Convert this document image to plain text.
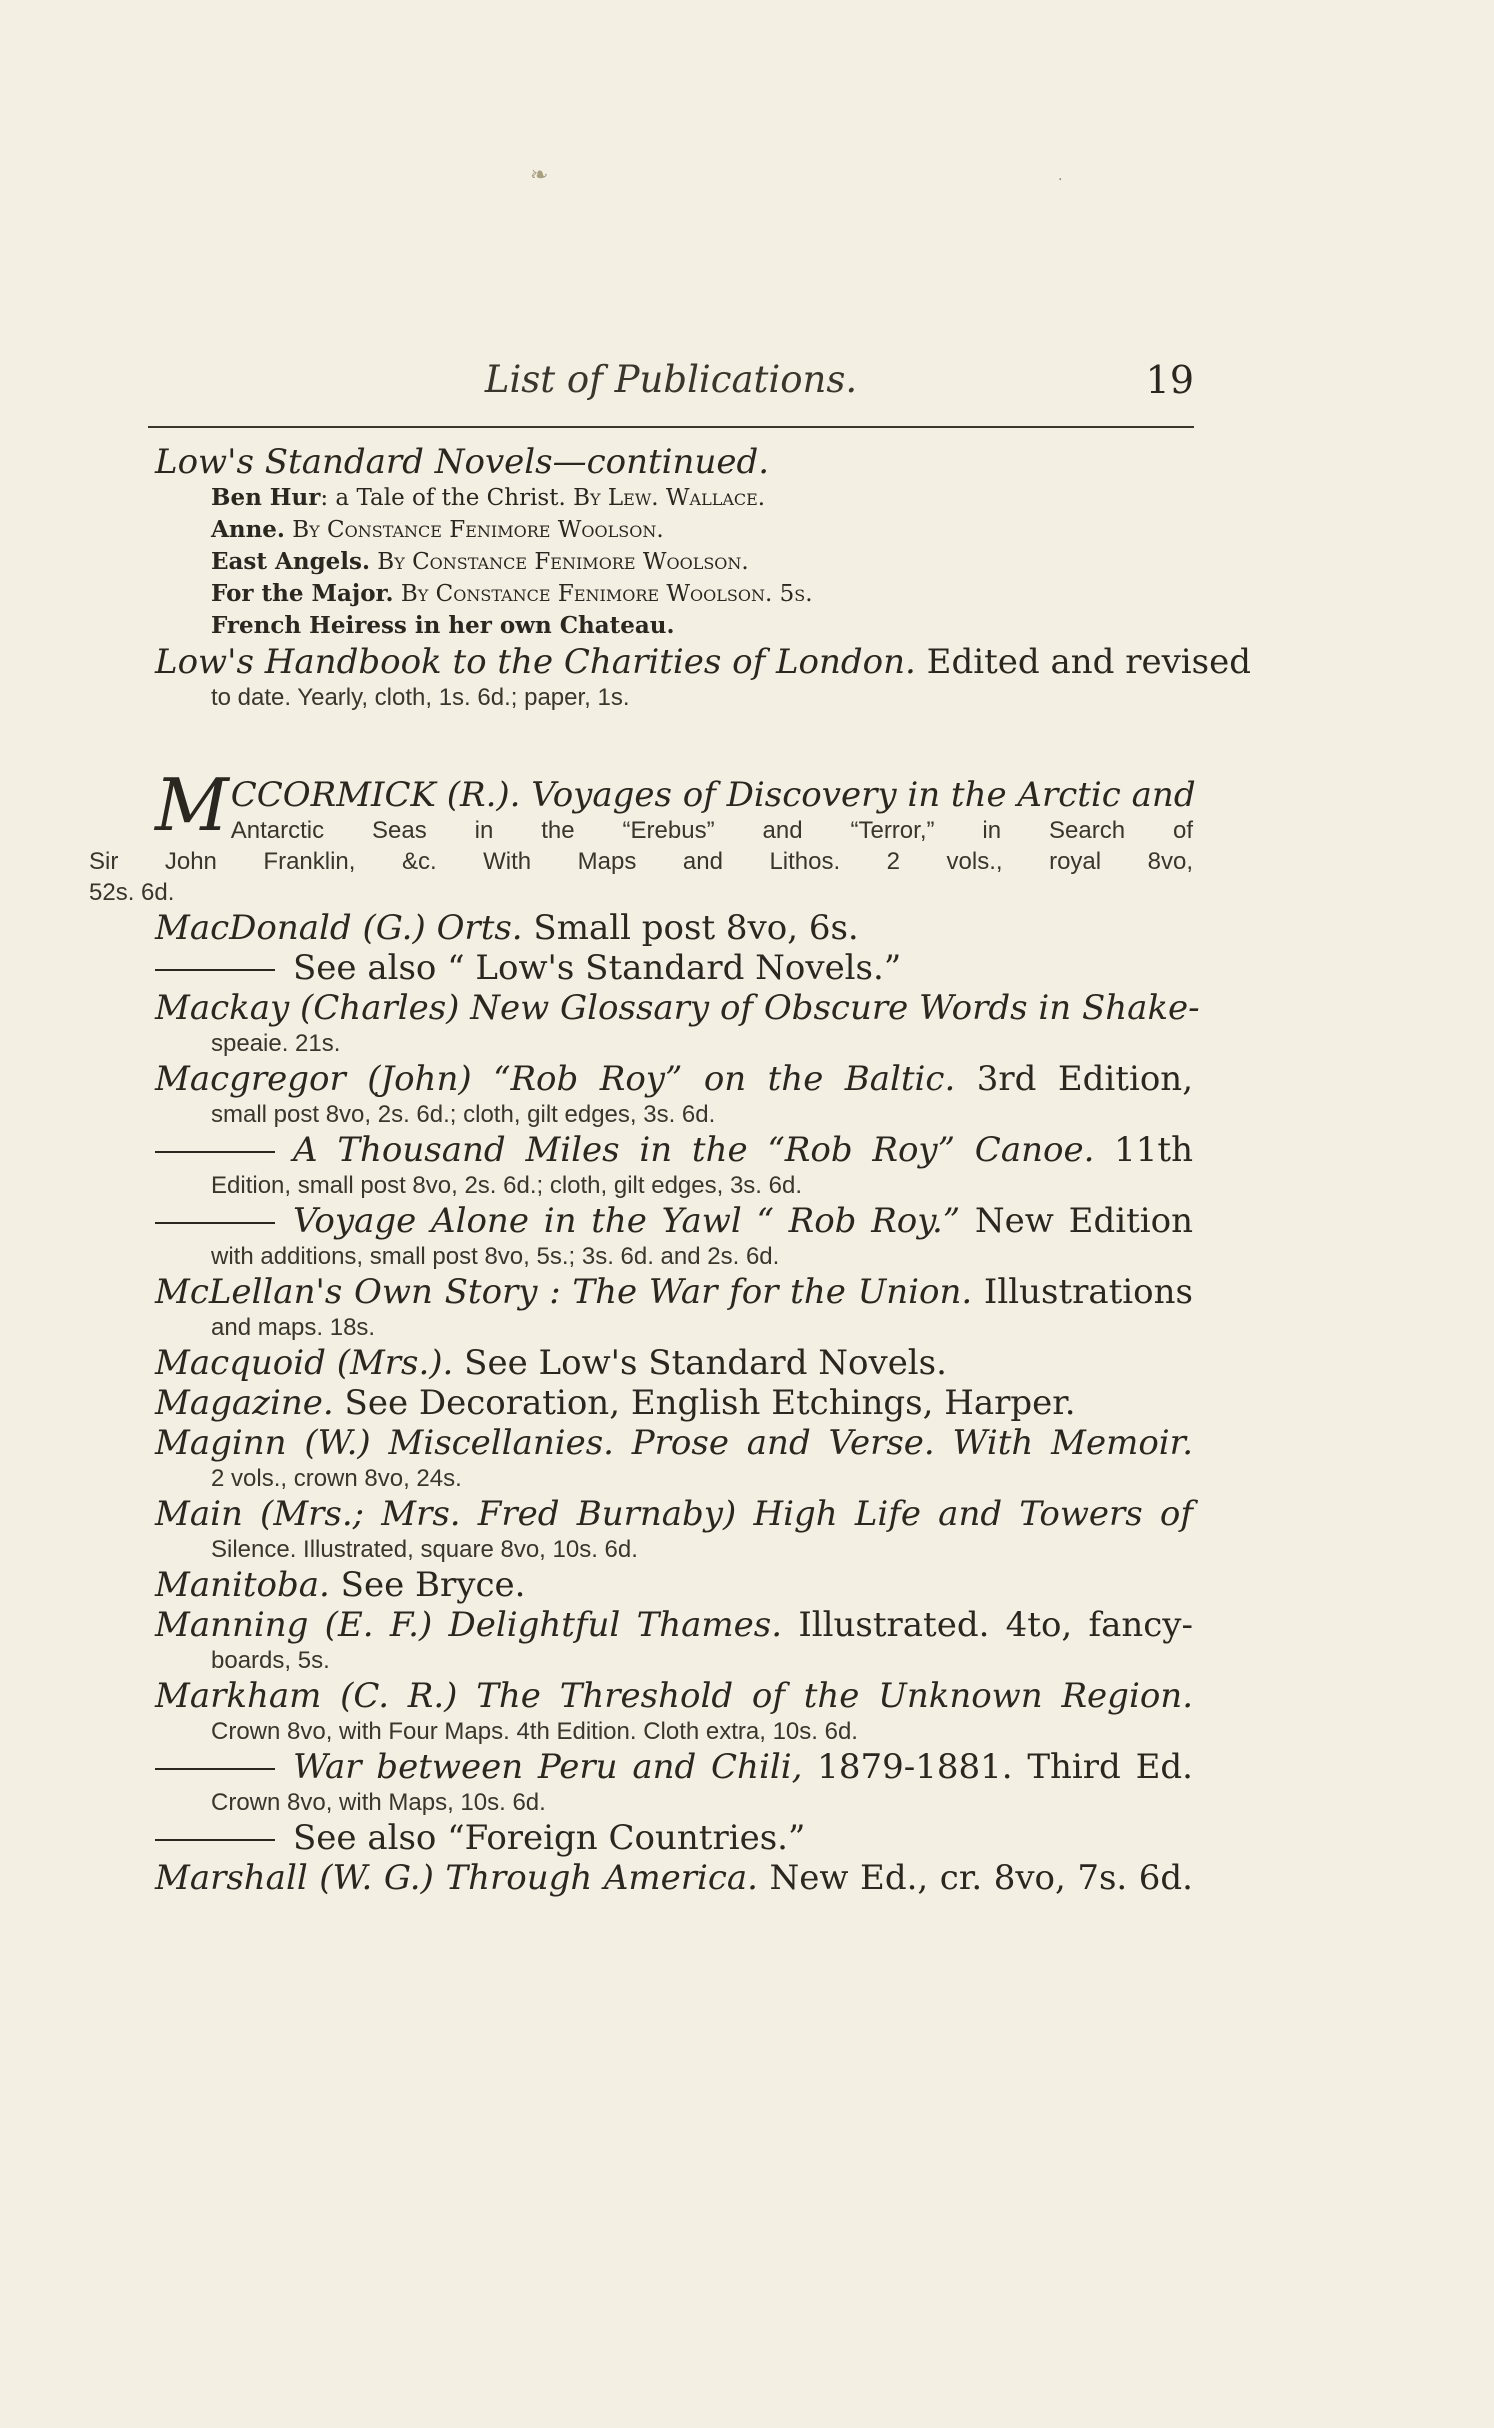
❧	·
List of Publications.	19
Low's Standard Novels—continued.
Ben Hur: a Tale of the Christ. By Lew. Wallace.
Anne. By Constance Fenimore Woolson.
East Angels. By Constance Fenimore Woolson.
For the Major. By Constance Fenimore Woolson. 5s.
French Heiress in her own Chateau.
Low's Handbook to the Charities of London. Edited and revised
to date. Yearly, cloth, 1s. 6d.; paper, 1s.
M CCORMICK (R.). Voyages of Discovery in the Arctic and
Antarctic Seas in the “Erebus” and “Terror,” in Search of
Sir John Franklin, &c. With Maps and Lithos. 2 vols., royal 8vo,
52s. 6d.
MacDonald (G.) Orts. Small post 8vo, 6s.
See also “ Low's Standard Novels.”
Mackay (Charles) New Glossary of Obscure Words in Shake-
speaie. 21s.
Macgregor (John) “Rob Roy” on the Baltic. 3rd Edition,
small post 8vo, 2s. 6d.; cloth, gilt edges, 3s. 6d.
A Thousand Miles in the “Rob Roy” Canoe. 11th
Edition, small post 8vo, 2s. 6d.; cloth, gilt edges, 3s. 6d.
Voyage Alone in the Yawl “ Rob Roy.” New Edition
with additions, small post 8vo, 5s.; 3s. 6d. and 2s. 6d.
McLellan's Own Story : The War for the Union. Illustrations
and maps. 18s.
Macquoid (Mrs.). See Low's Standard Novels.
Magazine. See Decoration, English Etchings, Harper.
Maginn (W.) Miscellanies. Prose and Verse. With Memoir.
2 vols., crown 8vo, 24s.
Main (Mrs.; Mrs. Fred Burnaby) High Life and Towers of
Silence. Illustrated, square 8vo, 10s. 6d.
Manitoba. See Bryce.
Manning (E. F.) Delightful Thames. Illustrated. 4to, fancy-
boards, 5s.
Markham (C. R.) The Threshold of the Unknown Region.
Crown 8vo, with Four Maps. 4th Edition. Cloth extra, 10s. 6d.
War between Peru and Chili, 1879-1881. Third Ed.
Crown 8vo, with Maps, 10s. 6d.
See also “Foreign Countries.”
Marshall (W. G.) Through America. New Ed., cr. 8vo, 7s. 6d.
